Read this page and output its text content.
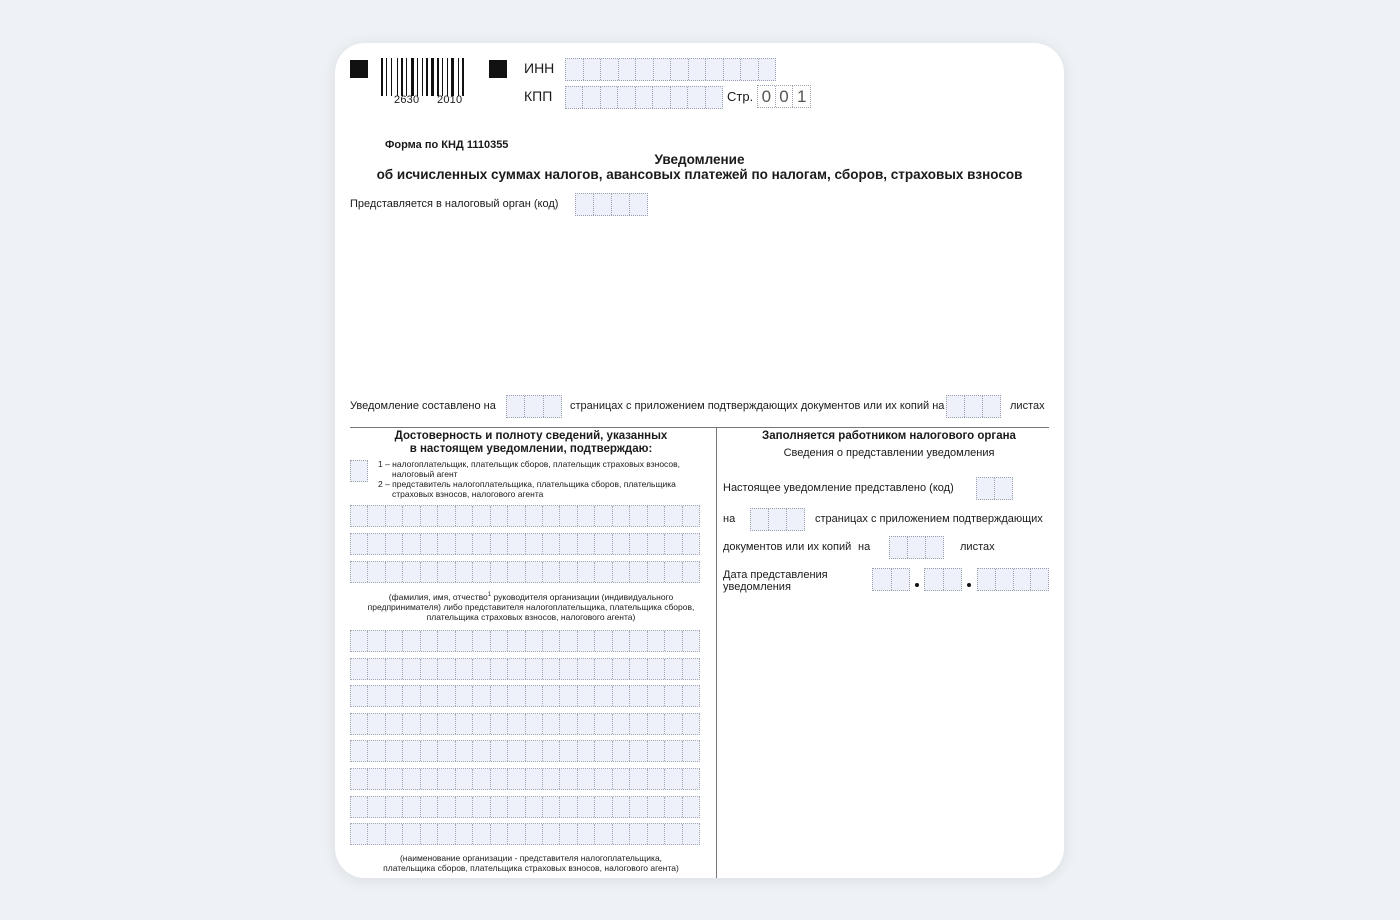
2630 2010
ИНН
КПП	Стр. 0 0 1
Форма по КНД 1110355
Уведомление
об исчисленных суммах налогов, авансовых платежей по налогам, сборов, страховых взносов
Представляется в налоговый орган (код)
Уведомление составлено на	страницах с приложением подтверждающих документов или их копий на	листах
Достоверность и полноту сведений, указанных
в настоящем уведомлении, подтверждаю:
1 – налогоплательщик, плательщик сборов, плательщик страховых взносов,
налоговый агент
2 – представитель налогоплательщика, плательщика сборов, плательщика
страховых взносов, налогового агента
(фамилия, имя, отчество$^1$ руководителя организации (индивидуального
предпринимателя) либо представителя налогоплательщика, плательщика сборов,
плательщика страховых взносов, налогового агента)
(наименование организации - представителя налогоплательщика,
плательщика сборов, плательщика страховых взносов, налогового агента)
Заполняется работником налогового органа
Сведения о представлении уведомления
Настоящее уведомление представлено (код)
на	страницах с приложением подтверждающих
документов или их копий на	листах
Дата представления
уведомления
